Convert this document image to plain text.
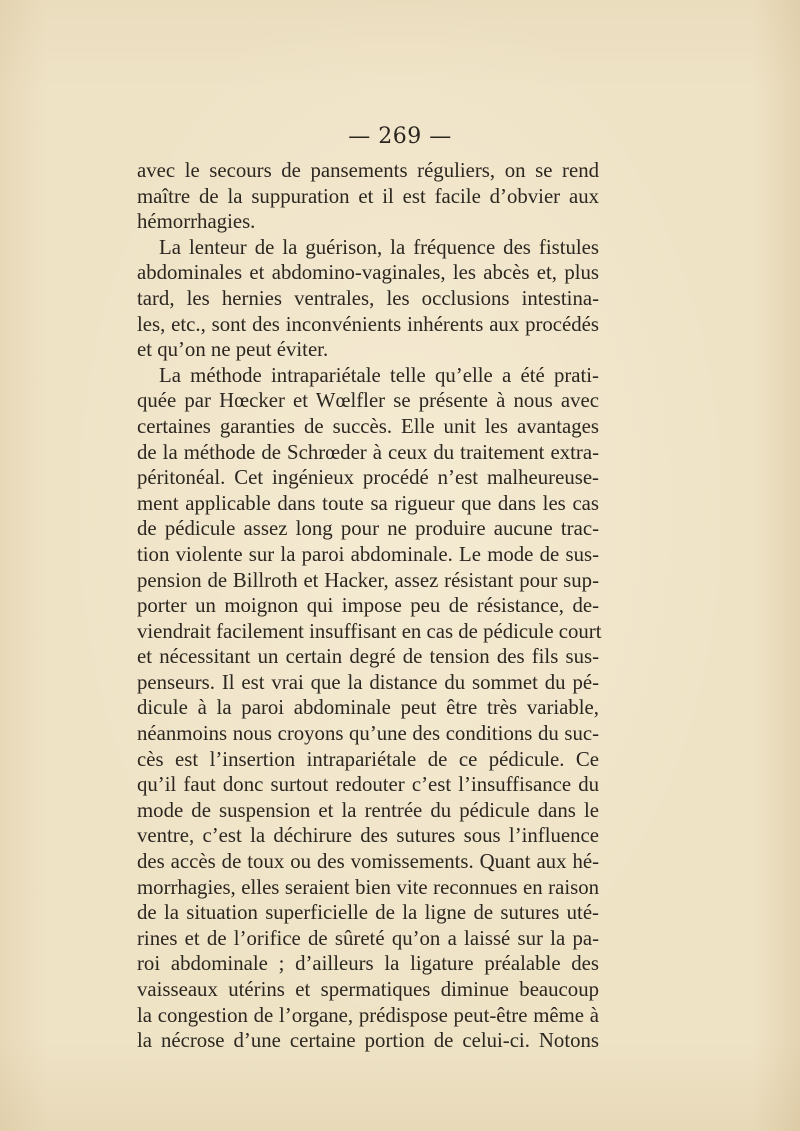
— 269 —
avec le secours de pansements réguliers, on se rend
maître de la suppuration et il est facile d’obvier aux
hémorrhagies.
La lenteur de la guérison, la fréquence des fistules
abdominales et abdomino-vaginales, les abcès et, plus
tard, les hernies ventrales, les occlusions intestina-
les, etc., sont des inconvénients inhérents aux procédés
et qu’on ne peut éviter.
La méthode intrapariétale telle qu’elle a été prati-
quée par Hœcker et Wœlfler se présente à nous avec
certaines garanties de succès. Elle unit les avantages
de la méthode de Schrœder à ceux du traitement extra-
péritonéal. Cet ingénieux procédé n’est malheureuse-
ment applicable dans toute sa rigueur que dans les cas
de pédicule assez long pour ne produire aucune trac-
tion violente sur la paroi abdominale. Le mode de sus-
pension de Billroth et Hacker, assez résistant pour sup-
porter un moignon qui impose peu de résistance, de-
viendrait facilement insuffisant en cas de pédicule court
et nécessitant un certain degré de tension des fils sus-
penseurs. Il est vrai que la distance du sommet du pé-
dicule à la paroi abdominale peut être très variable,
néanmoins nous croyons qu’une des conditions du suc-
cès est l’insertion intrapariétale de ce pédicule. Ce
qu’il faut donc surtout redouter c’est l’insuffisance du
mode de suspension et la rentrée du pédicule dans le
ventre, c’est la déchirure des sutures sous l’influence
des accès de toux ou des vomissements. Quant aux hé-
morrhagies, elles seraient bien vite reconnues en raison
de la situation superficielle de la ligne de sutures uté-
rines et de l’orifice de sûreté qu’on a laissé sur la pa-
roi abdominale ; d’ailleurs la ligature préalable des
vaisseaux utérins et spermatiques diminue beaucoup
la congestion de l’organe, prédispose peut-être même à
la nécrose d’une certaine portion de celui-ci. Notons
